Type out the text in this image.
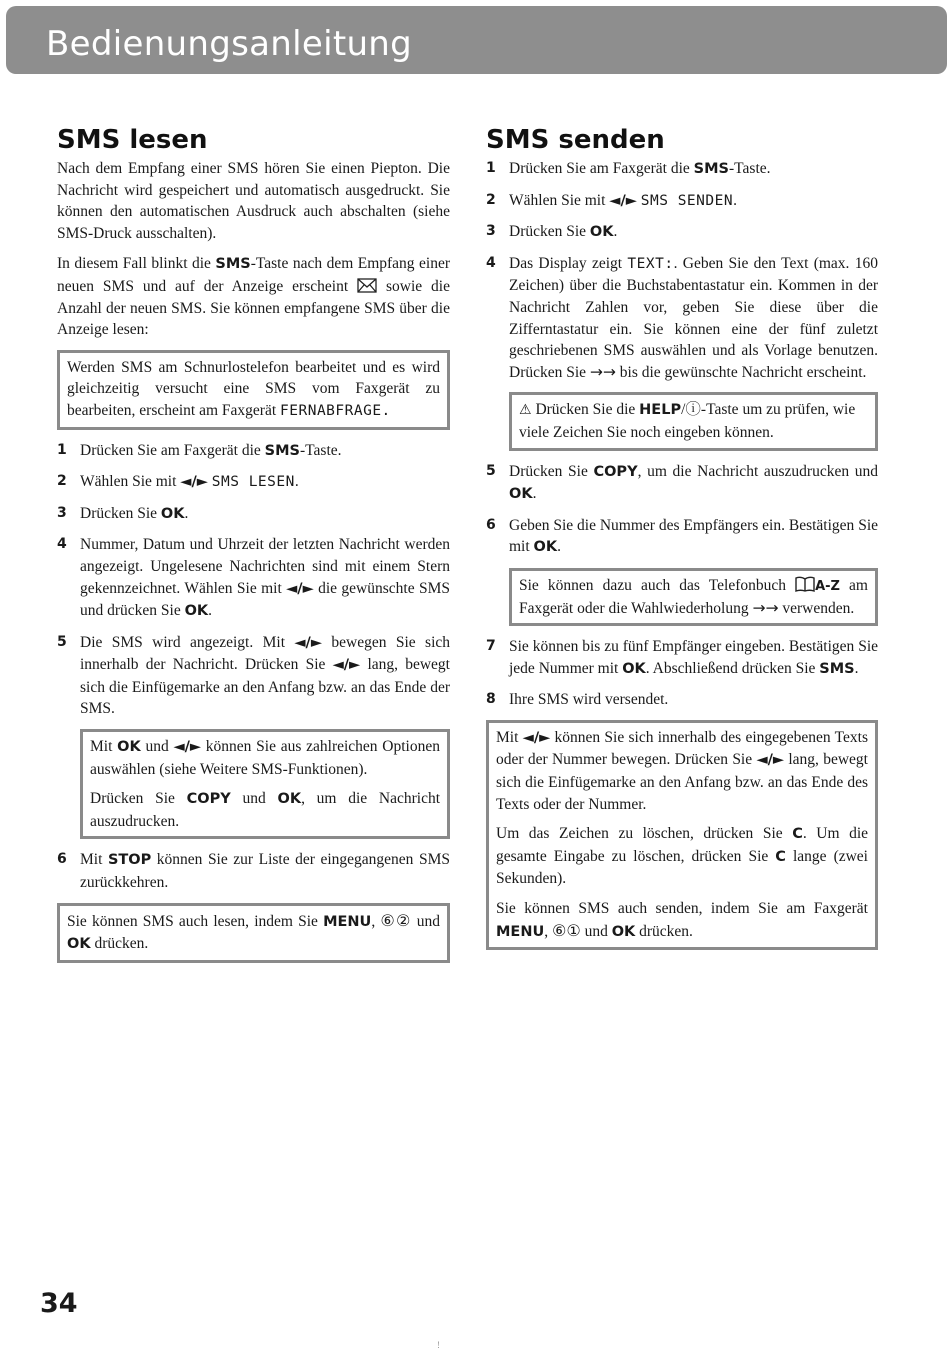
Bedienungsanleitung
SMS lesen

Nach dem Empfang einer SMS hören Sie einen Piepton. Die Nachricht wird gespeichert und automatisch ausgedruckt. Sie können den automatischen Ausdruck auch abschalten (siehe SMS-Druck ausschalten).

In diesem Fall blinkt die SMS-Taste nach dem Empfang einer neuen SMS und auf der Anzeige erscheint  sowie die Anzahl der neuen SMS. Sie können empfangene SMS über die Anzeige lesen:

Werden SMS am Schnurlostelefon bearbeitet und es wird gleichzeitig versucht eine SMS vom Faxgerät zu bearbeiten, erscheint am Faxgerät FERNABFRAGE.

1 Drücken Sie am Faxgerät die SMS-Taste.
2 Wählen Sie mit ◄/► SMS LESEN.
3 Drücken Sie OK.
4 Nummer, Datum und Uhrzeit der letzten Nachricht werden angezeigt. Ungelesene Nachrichten sind mit einem Stern gekennzeichnet. Wählen Sie mit ◄/► die gewünschte SMS und drücken Sie OK.
5 Die SMS wird angezeigt. Mit ◄/► bewegen Sie sich innerhalb der Nachricht. Drücken Sie ◄/► lang, bewegt sich die Einfügemarke an den Anfang bzw. an das Ende der SMS.

Mit OK und ◄/► können Sie aus zahlreichen Optionen auswählen (siehe Weitere SMS-Funktionen).

Drücken Sie COPY und OK, um die Nachricht auszudrucken.

6 Mit STOP können Sie zur Liste der eingegangenen SMS zurückkehren.

Sie können SMS auch lesen, indem Sie MENU, ⑥② und OK drücken.

SMS senden
1 Drücken Sie am Faxgerät die SMS-Taste.
2 Wählen Sie mit ◄/► SMS SENDEN.
3 Drücken Sie OK.
4 Das Display zeigt TEXT:. Geben Sie den Text (max. 160 Zeichen) über die Buchstabentastatur ein. Kommen in der Nachricht Zahlen vor, geben Sie diese über die Zifferntastatur ein. Sie können eine der fünf zuletzt geschriebenen SMS auswählen und als Vorlage benutzen. Drücken Sie →→ bis die gewünschte Nachricht erscheint.

⚠ Drücken Sie die HELP/ⓘ-Taste um zu prüfen, wie viele Zeichen Sie noch eingeben können.

5 Drücken Sie COPY, um die Nachricht auszudrucken und OK.
6 Geben Sie die Nummer des Empfängers ein. Bestätigen Sie mit OK.

Sie können dazu auch das Telefonbuch A-Z am Faxgerät oder die Wahlwiederholung →→ verwenden.

7 Sie können bis zu fünf Empfänger eingeben. Bestätigen Sie jede Nummer mit OK. Abschließend drücken Sie SMS.
8 Ihre SMS wird versendet.

Mit ◄/► können Sie sich innerhalb des eingegebenen Texts oder der Nummer bewegen. Drücken Sie ◄/► lang, bewegt sich die Einfügemarke an den Anfang bzw. an das Ende des Texts oder der Nummer.

Um das Zeichen zu löschen, drücken Sie C. Um die gesamte Eingabe zu löschen, drücken Sie C lange (zwei Sekunden).

Sie können SMS auch senden, indem Sie am Faxgerät MENU, ⑥① und OK drücken.

34
!
